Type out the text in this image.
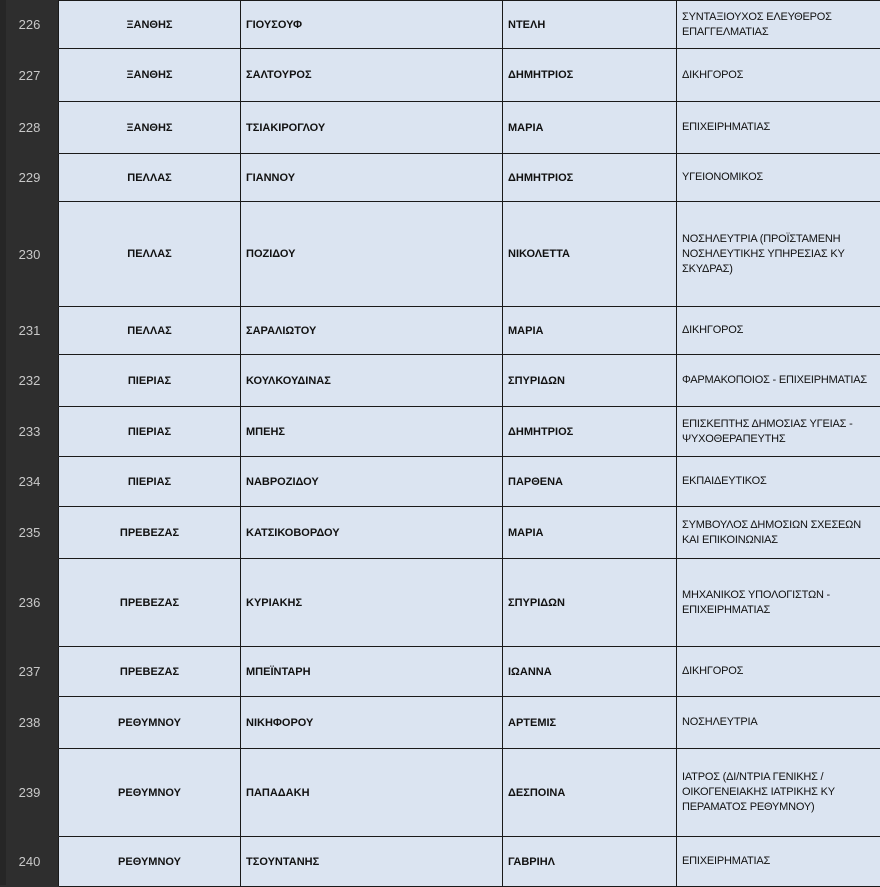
226	ΞΑΝΘΗΣ	ΓΙΟΥΣΟΥΦ	ΝΤΕΛΗ	ΣΥΝΤΑΞΙΟΥΧΟΣ ΕΛΕΥΘΕΡΟΣ ΕΠΑΓΓΕΛΜΑΤΙΑΣ
227	ΞΑΝΘΗΣ	ΣΑΛΤΟΥΡΟΣ	ΔΗΜΗΤΡΙΟΣ	ΔΙΚΗΓΟΡΟΣ
228	ΞΑΝΘΗΣ	ΤΣΙΑΚΙΡΟΓΛΟΥ	ΜΑΡΙΑ	ΕΠΙΧΕΙΡΗΜΑΤΙΑΣ
229	ΠΕΛΛΑΣ	ΓΙΑΝΝΟΥ	ΔΗΜΗΤΡΙΟΣ	ΥΓΕΙΟΝΟΜΙΚΟΣ
230	ΠΕΛΛΑΣ	ΠΟΖΙΔΟΥ	ΝΙΚΟΛΕΤΤΑ	ΝΟΣΗΛΕΥΤΡΙΑ (ΠΡΟΪΣΤΑΜΕΝΗ ΝΟΣΗΛΕΥΤΙΚΗΣ ΥΠΗΡΕΣΙΑΣ ΚΥ ΣΚΥΔΡΑΣ)
231	ΠΕΛΛΑΣ	ΣΑΡΑΛΙΩΤΟΥ	ΜΑΡΙΑ	ΔΙΚΗΓΟΡΟΣ
232	ΠΙΕΡΙΑΣ	ΚΟΥΛΚΟΥΔΙΝΑΣ	ΣΠΥΡΙΔΩΝ	ΦΑΡΜΑΚΟΠΟΙΟΣ - ΕΠΙΧΕΙΡΗΜΑΤΙΑΣ
233	ΠΙΕΡΙΑΣ	ΜΠΕΗΣ	ΔΗΜΗΤΡΙΟΣ	ΕΠΙΣΚΕΠΤΗΣ ΔΗΜΟΣΙΑΣ ΥΓΕΙΑΣ - ΨΥΧΟΘΕΡΑΠΕΥΤΗΣ
234	ΠΙΕΡΙΑΣ	ΝΑΒΡΟΖΙΔΟΥ	ΠΑΡΘΕΝΑ	ΕΚΠΑΙΔΕΥΤΙΚΟΣ
235	ΠΡΕΒΕΖΑΣ	ΚΑΤΣΙΚΟΒΟΡΔΟΥ	ΜΑΡΙΑ	ΣΥΜΒΟΥΛΟΣ ΔΗΜΟΣΙΩΝ ΣΧΕΣΕΩΝ ΚΑΙ ΕΠΙΚΟΙΝΩΝΙΑΣ
236	ΠΡΕΒΕΖΑΣ	ΚΥΡΙΑΚΗΣ	ΣΠΥΡΙΔΩΝ	ΜΗΧΑΝΙΚΟΣ ΥΠΟΛΟΓΙΣΤΩΝ - ΕΠΙΧΕΙΡΗΜΑΤΙΑΣ
237	ΠΡΕΒΕΖΑΣ	ΜΠΕΪΝΤΑΡΗ	ΙΩΑΝΝΑ	ΔΙΚΗΓΟΡΟΣ
238	ΡΕΘΥΜΝΟΥ	ΝΙΚΗΦΟΡΟΥ	ΑΡΤΕΜΙΣ	ΝΟΣΗΛΕΥΤΡΙΑ
239	ΡΕΘΥΜΝΟΥ	ΠΑΠΑΔΑΚΗ	ΔΕΣΠΟΙΝΑ	ΙΑΤΡΟΣ (ΔΙ/ΝΤΡΙΑ ΓΕΝΙΚΗΣ / ΟΙΚΟΓΕΝΕΙΑΚΗΣ ΙΑΤΡΙΚΗΣ ΚΥ ΠΕΡΑΜΑΤΟΣ ΡΕΘΥΜΝΟΥ)
240	ΡΕΘΥΜΝΟΥ	ΤΣΟΥΝΤΑΝΗΣ	ΓΑΒΡΙΗΛ	ΕΠΙΧΕΙΡΗΜΑΤΙΑΣ
